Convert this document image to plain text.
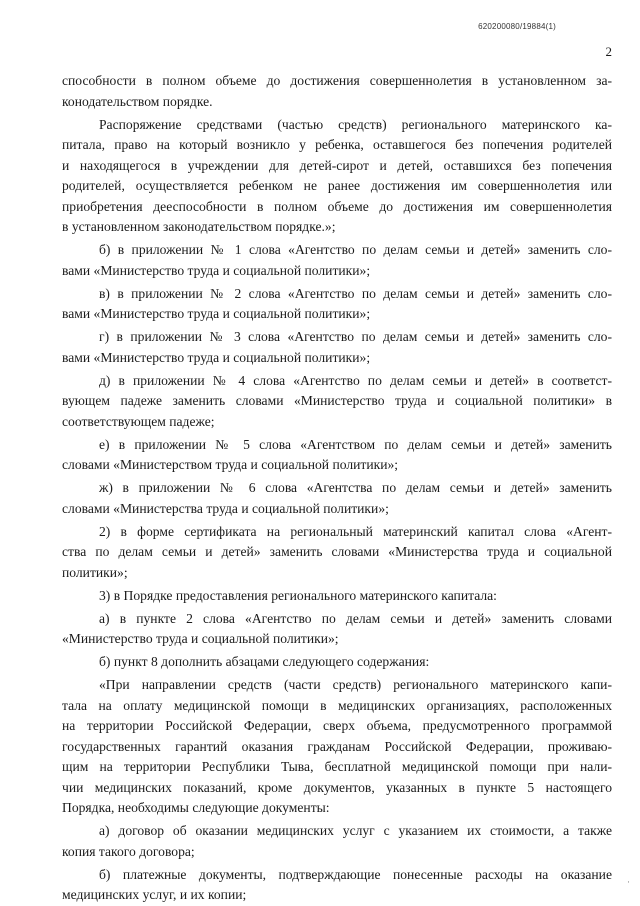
620200080/19884(1)
2
способности в полном объеме до достижения совершеннолетия в установленном за-
конодательством порядке.
Распоряжение средствами (частью средств) регионального материнского ка-
питала, право на который возникло у ребенка, оставшегося без попечения родителей
и находящегося в учреждении для детей-сирот и детей, оставшихся без попечения
родителей, осуществляется ребенком не ранее достижения им совершеннолетия или
приобретения дееспособности в полном объеме до достижения им совершеннолетия
в установленном законодательством порядке.»;
б) в приложении № 1 слова «Агентство по делам семьи и детей» заменить сло-
вами «Министерство труда и социальной политики»;
в) в приложении № 2 слова «Агентство по делам семьи и детей» заменить сло-
вами «Министерство труда и социальной политики»;
г) в приложении № 3 слова «Агентство по делам семьи и детей» заменить сло-
вами «Министерство труда и социальной политики»;
д) в приложении № 4 слова «Агентство по делам семьи и детей» в соответст-
вующем падеже заменить словами «Министерство труда и социальной политики» в
соответствующем падеже;
е) в приложении № 5 слова «Агентством по делам семьи и детей» заменить
словами «Министерством труда и социальной политики»;
ж) в приложении № 6 слова «Агентства по делам семьи и детей» заменить
словами «Министерства труда и социальной политики»;
2) в форме сертификата на региональный материнский капитал слова «Агент-
ства по делам семьи и детей» заменить словами «Министерства труда и социальной
политики»;
3) в Порядке предоставления регионального материнского капитала:
а) в пункте 2 слова «Агентство по делам семьи и детей» заменить словами
«Министерство труда и социальной политики»;
б) пункт 8 дополнить абзацами следующего содержания:
«При направлении средств (части средств) регионального материнского капи-
тала на оплату медицинской помощи в медицинских организациях, расположенных
на территории Российской Федерации, сверх объема, предусмотренного программой
государственных гарантий оказания гражданам Российской Федерации, проживаю-
щим на территории Республики Тыва, бесплатной медицинской помощи при нали-
чии медицинских показаний, кроме документов, указанных в пункте 5 настоящего
Порядка, необходимы следующие документы:
а) договор об оказании медицинских услуг с указанием их стоимости, а также
копия такого договора;
б) платежные документы, подтверждающие понесенные расходы на оказание
медицинских услуг, и их копии;
·
